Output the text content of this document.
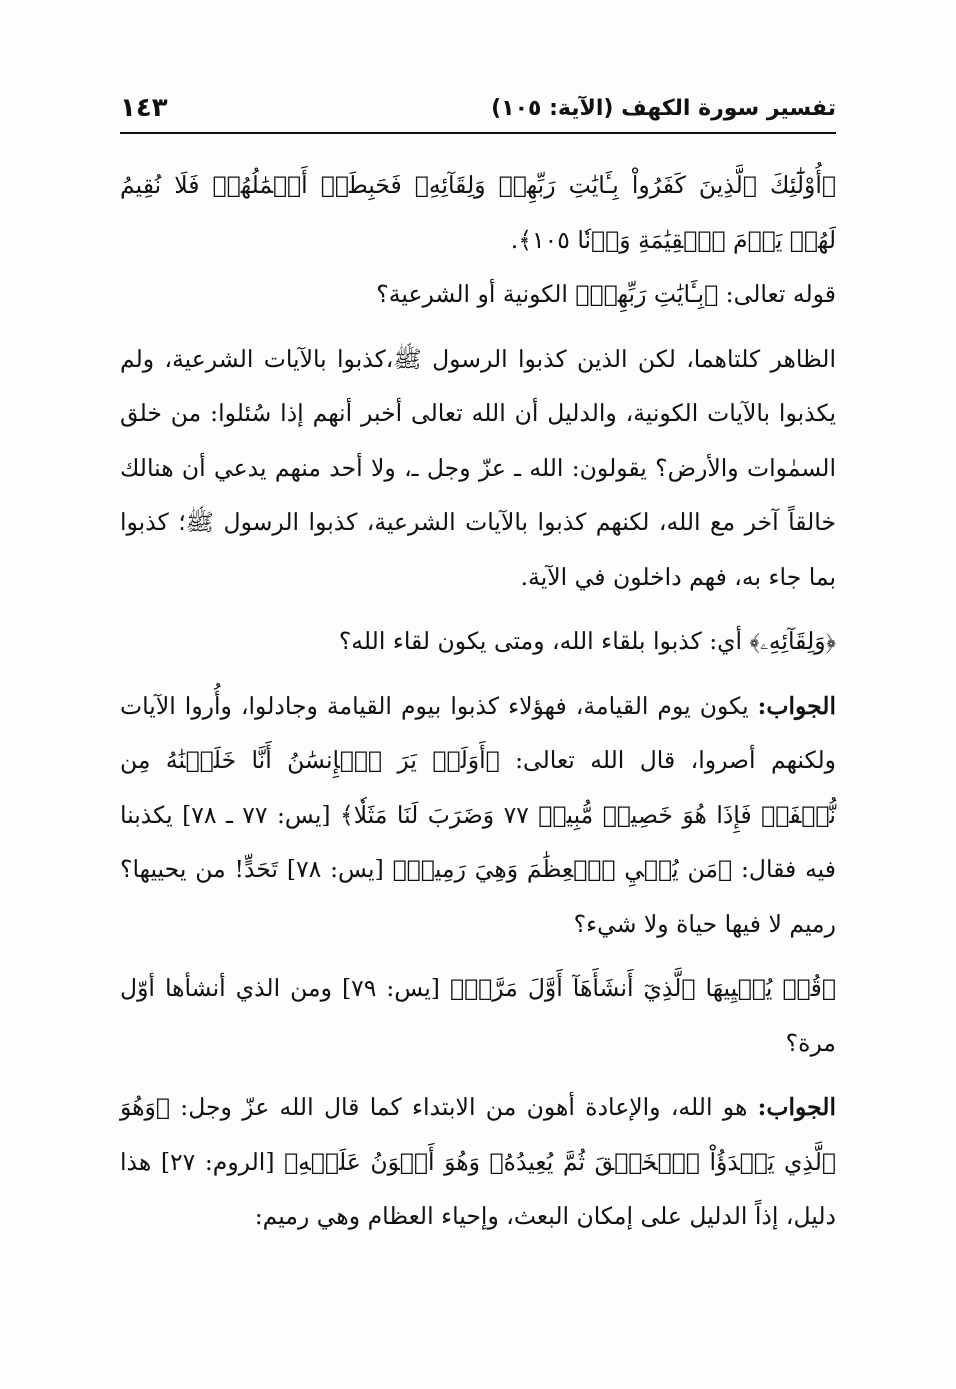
تفسير سورة الكهف (الآية: ١٠٥)
١٤٣

﴿أُوْلَٰٓئِكَ ٱلَّذِينَ كَفَرُواْ بِـَٔايَٰتِ رَبِّهِمۡ وَلِقَآئِهِۦ فَحَبِطَتۡ أَعۡمَٰلُهُمۡ فَلَا نُقِيمُ لَهُمۡ يَوۡمَ ٱلۡقِيَٰمَةِ وَزۡنٗا ١٠٥﴾.

قوله تعالى: ﴿بِـَٔايَٰتِ رَبِّهِمۡ﴾ الكونية أو الشرعية؟

الظاهر كلتاهما، لكن الذين كذبوا الرسول ﷺ،كذبوا بالآيات الشرعية، ولم يكذبوا بالآيات الكونية، والدليل أن الله تعالى أخبر أنهم إذا سُئلوا: من خلق السمٰوات والأرض؟ يقولون: الله ـ عزّ وجل ـ، ولا أحد منهم يدعي أن هنالك خالقاً آخر مع الله، لكنهم كذبوا بالآيات الشرعية، كذبوا الرسول ﷺ؛ كذبوا بما جاء به، فهم داخلون في الآية.

﴿وَلِقَآئِهِۦ﴾ أي: كذبوا بلقاء الله، ومتى يكون لقاء الله؟

الجواب: يكون يوم القيامة، فهؤلاء كذبوا بيوم القيامة وجادلوا، وأُروا الآيات ولكنهم أصروا، قال الله تعالى: ﴿أَوَلَمۡ يَرَ ٱلۡإِنسَٰنُ أَنَّا خَلَقۡنَٰهُ مِن نُّطۡفَةٖ فَإِذَا هُوَ خَصِيمٞ مُّبِينٞ ٧٧ وَضَرَبَ لَنَا مَثَلٗا﴾ [يس: ٧٧ ـ ٧٨] يكذبنا فيه فقال: ﴿مَن يُحۡيِ ٱلۡعِظَٰمَ وَهِيَ رَمِيمٞ﴾ [يس: ٧٨] تَحَدٍّ! من يحييها؟ رميم لا فيها حياة ولا شيء؟

﴿قُلۡ يُحۡيِيهَا ٱلَّذِيٓ أَنشَأَهَآ أَوَّلَ مَرَّةٖ﴾ [يس: ٧٩] ومن الذي أنشأها أوّل مرة؟

الجواب: هو الله، والإعادة أهون من الابتداء كما قال الله عزّ وجل: ﴿وَهُوَ ٱلَّذِي يَبۡدَؤُاْ ٱلۡخَلۡقَ ثُمَّ يُعِيدُهُۥ وَهُوَ أَهۡوَنُ عَلَيۡهِ﴾ [الروم: ٢٧] هذا دليل، إذاً الدليل على إمكان البعث، وإحياء العظام وهي رميم:
